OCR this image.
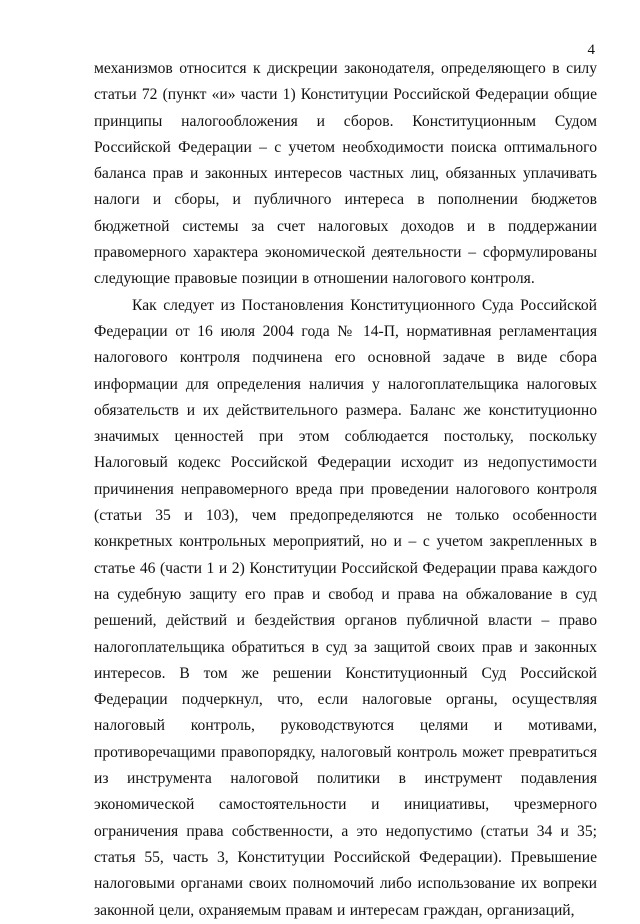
4

механизмов относится к дискреции законодателя, определяющего в силу статьи 72 (пункт «и» части 1) Конституции Российской Федерации общие принципы налогообложения и сборов. Конституционным Судом Российской Федерации – с учетом необходимости поиска оптимального баланса прав и законных интересов частных лиц, обязанных уплачивать налоги и сборы, и публичного интереса в пополнении бюджетов бюджетной системы за счет налоговых доходов и в поддержании правомерного характера экономической деятельности – сформулированы следующие правовые позиции в отношении налогового контроля.

Как следует из Постановления Конституционного Суда Российской Федерации от 16 июля 2004 года № 14-П, нормативная регламентация налогового контроля подчинена его основной задаче в виде сбора информации для определения наличия у налогоплательщика налоговых обязательств и их действительного размера. Баланс же конституционно значимых ценностей при этом соблюдается постольку, поскольку Налоговый кодекс Российской Федерации исходит из недопустимости причинения неправомерного вреда при проведении налогового контроля (статьи 35 и 103), чем предопределяются не только особенности конкретных контрольных мероприятий, но и – с учетом закрепленных в статье 46 (части 1 и 2) Конституции Российской Федерации права каждого на судебную защиту его прав и свобод и права на обжалование в суд решений, действий и бездействия органов публичной власти – право налогоплательщика обратиться в суд за защитой своих прав и законных интересов. В том же решении Конституционный Суд Российской Федерации подчеркнул, что, если налоговые органы, осуществляя налоговый контроль, руководствуются целями и мотивами, противоречащими правопорядку, налоговый контроль может превратиться из инструмента налоговой политики в инструмент подавления экономической самостоятельности и инициативы, чрезмерного ограничения права собственности, а это недопустимо (статьи 34 и 35; статья 55, часть 3, Конституции Российской Федерации). Превышение налоговыми органами своих полномочий либо использование их вопреки законной цели, охраняемым правам и интересам граждан, организаций,
